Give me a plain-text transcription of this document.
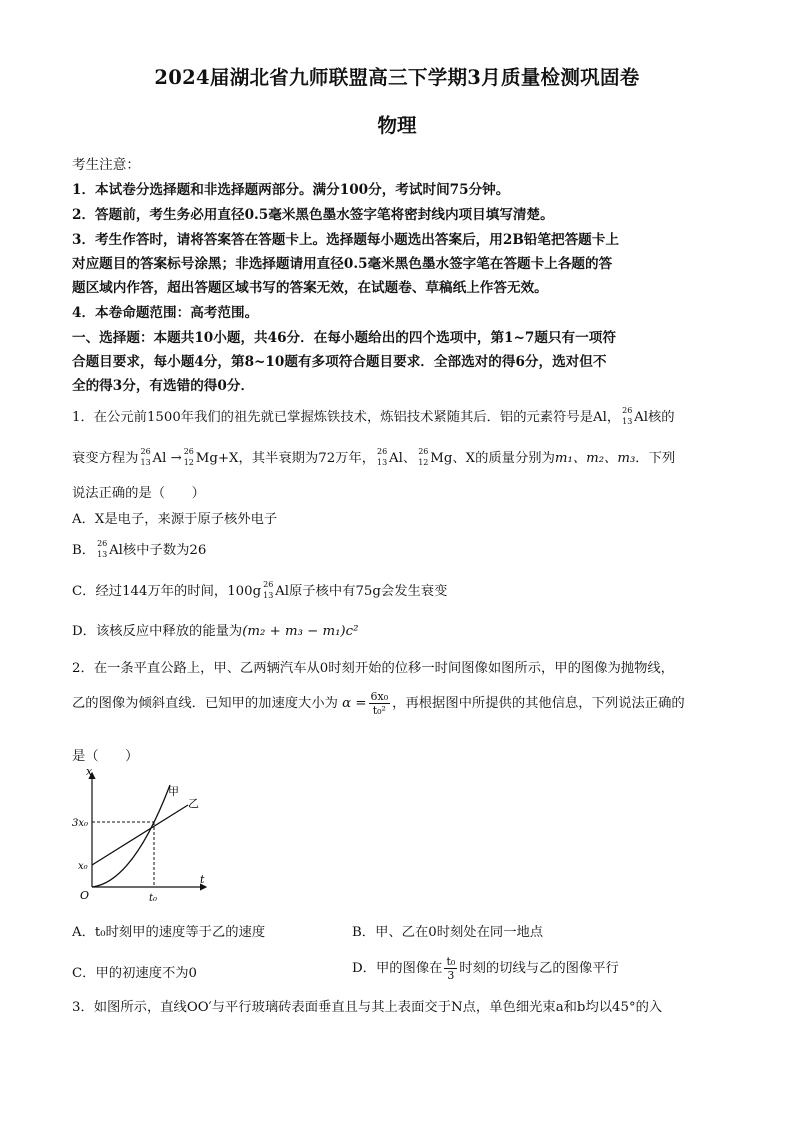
2024届湖北省九师联盟高三下学期3月质量检测巩固卷
物理
考生注意：
1．本试卷分选择题和非选择题两部分。满分100分，考试时间75分钟。
2．答题前，考生务必用直径0.5毫米黑色墨水签字笔将密封线内项目填写清楚。
3．考生作答时，请将答案答在答题卡上。选择题每小题选出答案后，用2B铅笔把答题卡上
对应题目的答案标号涂黑；非选择题请用直径0.5毫米黑色墨水签字笔在答题卡上各题的答
题区域内作答，超出答题区域书写的答案无效，在试题卷、草稿纸上作答无效。
4．本卷命题范围：高考范围。
一、选择题：本题共10小题，共46分．在每小题给出的四个选项中，第1~7题只有一项符
合题目要求，每小题4分，第8~10题有多项符合题目要求．全部选对的得6分，选对但不
全的得3分，有选错的得0分．
1．在公元前1500年我们的祖先就已掌握炼铁技术，炼铝技术紧随其后．铝的元素符号是Al， 26
13 Al核的
衰变方程为 26
13 Al → 26
12 Mg+X，其半衰期为72万年， 26
13 Al、 26
12 Mg、X的质量分别为m₁、m₂、m₃．下列
说法正确的是（　　）
A．X是电子，来源于原子核外电子
B． 26
13 Al核中子数为26
C．经过144万年的时间，100g 26
13 Al原子核中有75g会发生衰变
D．该核反应中释放的能量为(m₂ + m₃ − m₁)c²
2．在一条平直公路上，甲、乙两辆汽车从0时刻开始的位移一时间图像如图所示，甲的图像为抛物线，
乙的图像为倾斜直线．已知甲的加速度大小为 $\alpha = \frac{\text{6x₀}}{\text{t₀²}}$ ，再根据图中所提供的其他信息，下列说法正确的
是（　　）
x
t
O
3x₀
x₀
t₀
甲
乙
A．t₀时刻甲的速度等于乙的速度	B．甲、乙在0时刻处在同一地点
C．甲的初速度不为0	D．甲的图像在 $\frac{\text{t₀}}{3}$ 时刻的切线与乙的图像平行
3．如图所示，直线OO′与平行玻璃砖表面垂直且与其上表面交于N点，单色细光束a和b均以45°的入
